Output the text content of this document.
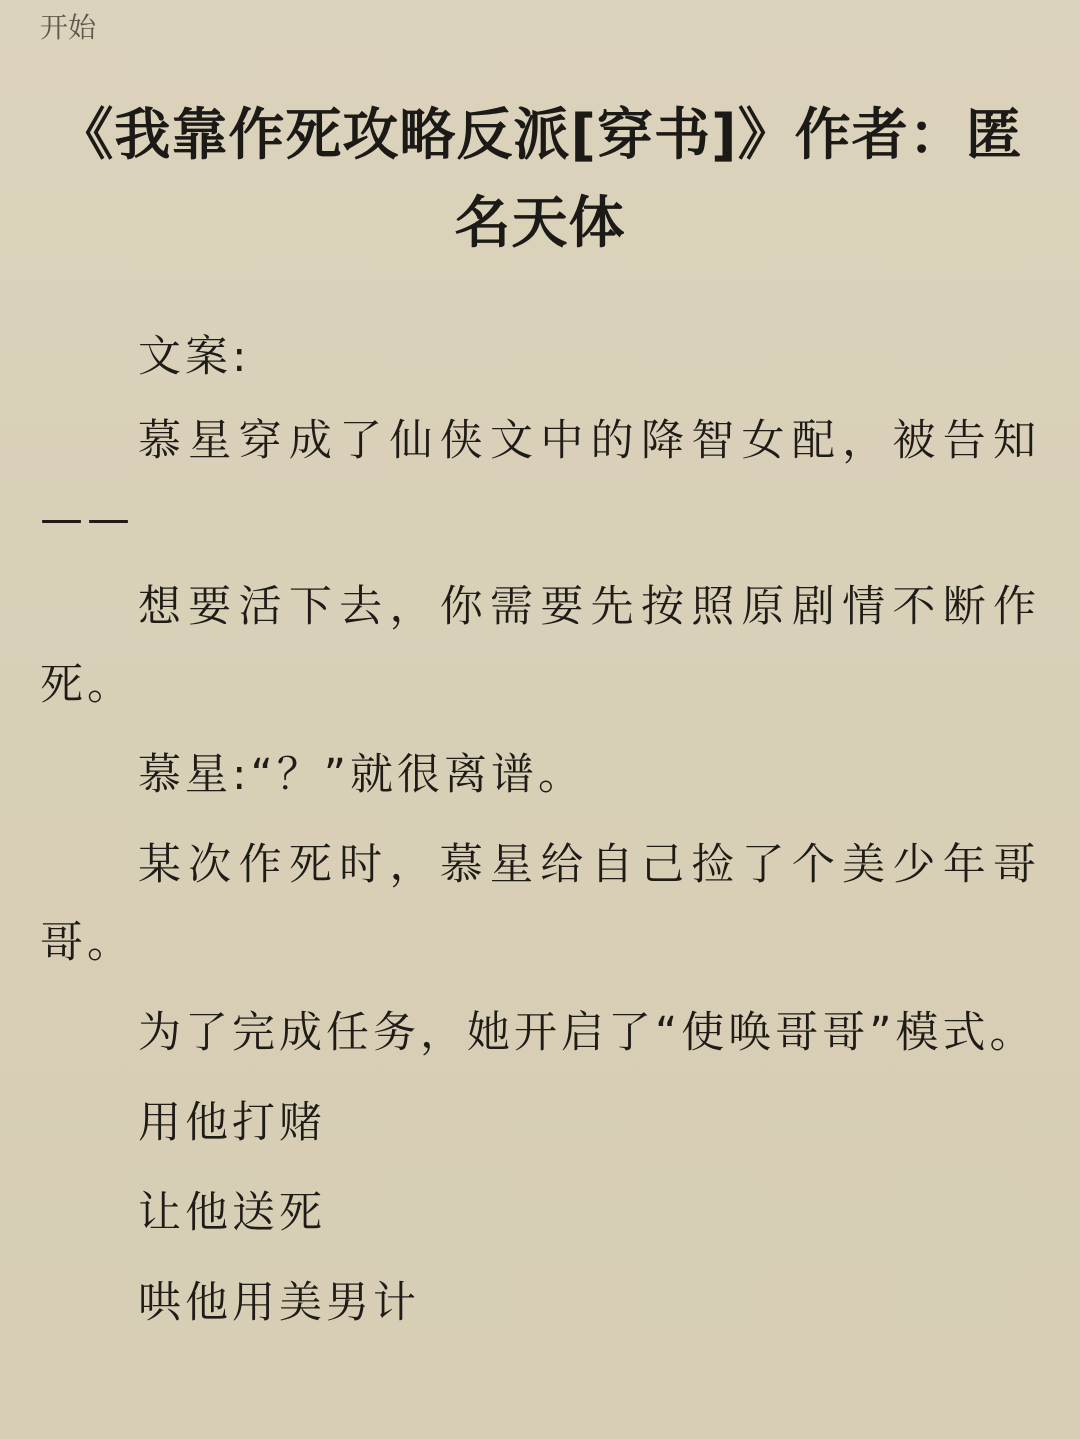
开始
《我靠作死攻略反派[穿书]》作者：匿名天体

文案:

慕星穿成了仙侠文中的降智女配，被告知——

想要活下去，你需要先按照原剧情不断作死。

慕星:“？”就很离谱。

某次作死时，慕星给自己捡了个美少年哥哥。

为了完成任务，她开启了“使唤哥哥”模式。

用他打赌

让他送死

哄他用美男计
